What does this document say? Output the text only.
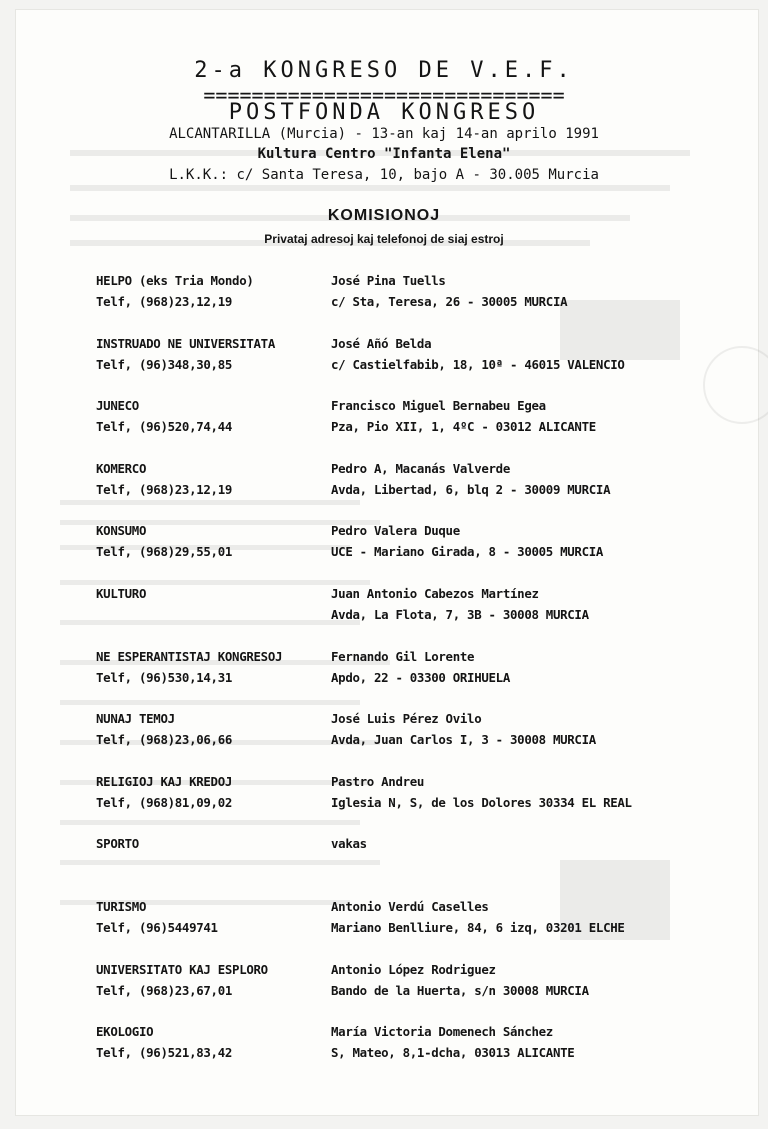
2-a KONGRESO DE V.E.F.
==============================
POSTFONDA KONGRESO
ALCANTARILLA (Murcia) - 13-an kaj 14-an aprilo 1991
Kultura Centro "Infanta Elena"
L.K.K.: c/ Santa Teresa, 10, bajo A - 30.005 Murcia
KOMISIONOJ
Privataj adresoj kaj telefonoj de siaj estroj
HELPO (eks Tria Mondo)
Telf, (968)23,12,19
José Pina Tuells
c/ Sta, Teresa, 26 - 30005 MURCIA
INSTRUADO NE UNIVERSITATA
Telf, (96)348,30,85
José Añó Belda
c/ Castielfabib, 18, 10ª - 46015 VALENCIO
JUNECO
Telf, (96)520,74,44
Francisco Miguel Bernabeu Egea
Pza, Pio XII, 1, 4ºC - 03012 ALICANTE
KOMERCO
Telf, (968)23,12,19
Pedro A, Macanás Valverde
Avda, Libertad, 6, blq 2 - 30009 MURCIA
KONSUMO
Telf, (968)29,55,01
Pedro Valera Duque
UCE - Mariano Girada, 8 - 30005 MURCIA
KULTURO	Juan Antonio Cabezos Martínez
Avda, La Flota, 7, 3B - 30008 MURCIA
NE ESPERANTISTAJ KONGRESOJ
Telf, (96)530,14,31
Fernando Gil Lorente
Apdo, 22 - 03300 ORIHUELA
NUNAJ TEMOJ
Telf, (968)23,06,66
José Luis Pérez Ovilo
Avda, Juan Carlos I, 3 - 30008 MURCIA
RELIGIOJ KAJ KREDOJ
Telf, (968)81,09,02
Pastro Andreu
Iglesia N, S, de los Dolores 30334 EL REAL
SPORTO	vakas
TURISMO
Telf, (96)5449741
Antonio Verdú Caselles
Mariano Benlliure, 84, 6 izq, 03201 ELCHE
UNIVERSITATO KAJ ESPLORO
Telf, (968)23,67,01
Antonio López Rodriguez
Bando de la Huerta, s/n 30008 MURCIA
EKOLOGIO
Telf, (96)521,83,42
María Victoria Domenech Sánchez
S, Mateo, 8,1-dcha, 03013 ALICANTE
